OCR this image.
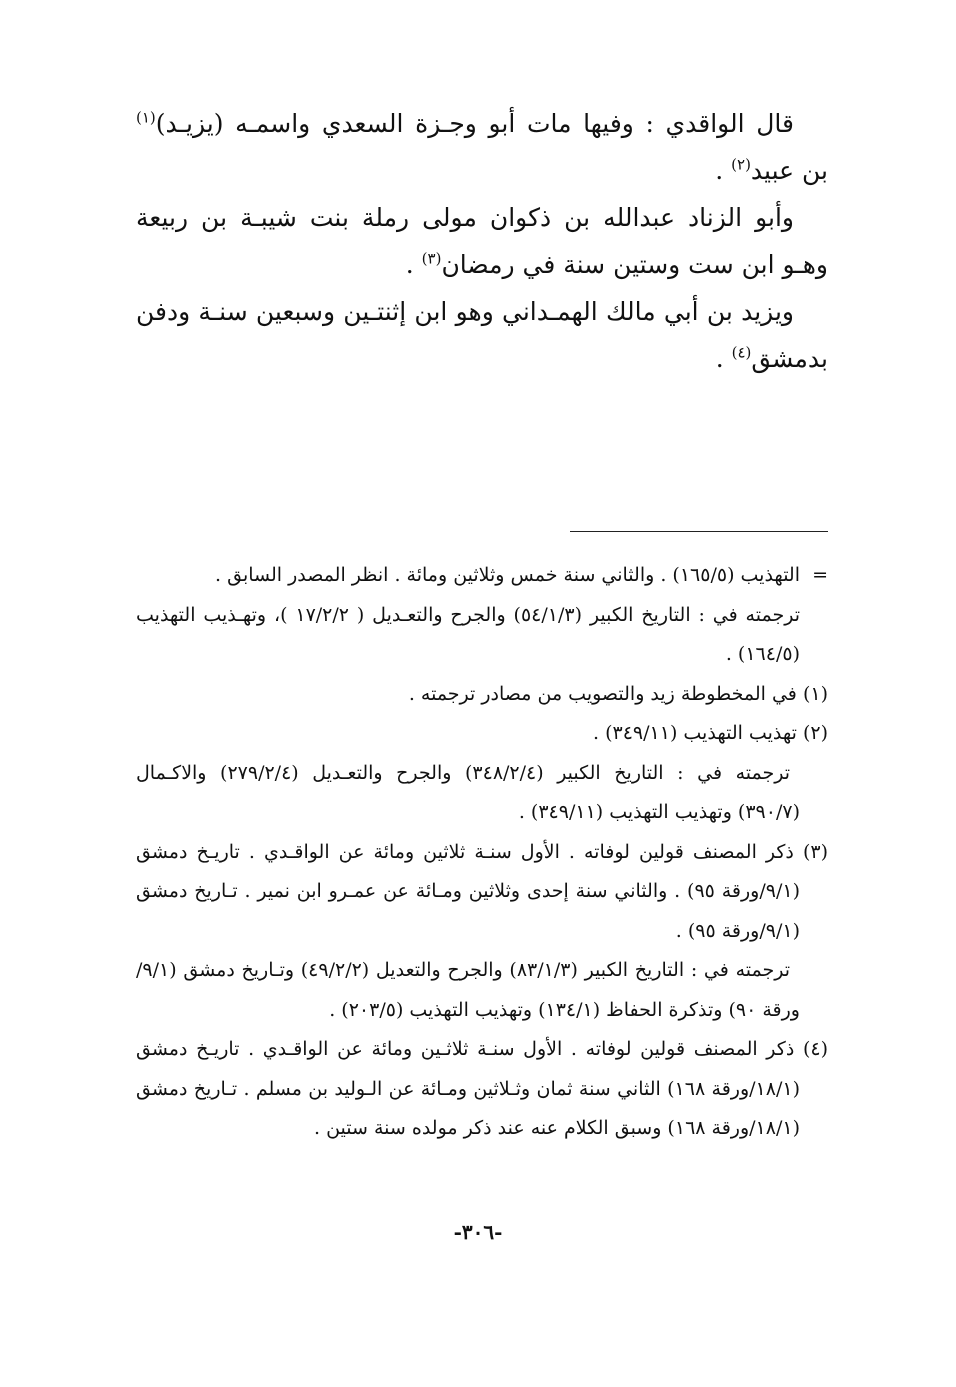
قال الواقدي : وفيها مات أبو وجـزة السعدي واسمـه (يزيـد)$^{(١)}$ بن عبيد$^{(٢)}$ .

وأبو الزناد عبدالله بن ذكوان مولى رملة بنت شيبـة بن ربيعة وهـو ابن ست وستين سنة في رمضان$^{(٣)}$ .

ويزيد بن أبي مالك الهمـداني وهو ابن إثنتـين وسبعين سنـة ودفن بدمشق$^{(٤)}$ .

=
التهذيب (١٦٥/٥) . والثاني سنة خمس وثلاثين ومائة . انظر المصدر السابق .

ترجمته في : التاريخ الكبير (٥٤/١/٣) والجرح والتعـديل ( ١٧/٢/٢ )، وتهـذيب التهذيب (١٦٤/٥) .

(١) في المخطوطة زيد والتصويب من مصادر ترجمته .

(٢) تهذيب التهذيب (٣٤٩/١١) .

ترجمته في : التاريخ الكبير (٣٤٨/٢/٤) والجرح والتعـديل (٢٧٩/٢/٤) والاكـمال (٣٩٠/٧) وتهذيب التهذيب (٣٤٩/١١) .

(٣) ذكر المصنف قولين لوفاته . الأول سنـة ثلاثين ومائة عن الواقـدي . تاريـخ دمشق (٩/١/ورقة ٩٥) . والثاني سنة إحدى وثلاثين ومـائة عن عمـرو ابن نمير . تـاريخ دمشق (٩/١/ورقة ٩٥) .

ترجمته في : التاريخ الكبير (٨٣/١/٣) والجرح والتعديل (٤٩/٢/٢) وتـاريخ دمشق (٩/١/ورقة ٩٠) وتذكرة الحفاظ (١٣٤/١) وتهذيب التهذيب (٢٠٣/٥) .

(٤) ذكر المصنف قولين لوفاته . الأول سنـة ثلاثـين ومائة عن الواقـدي . تاريـخ دمشق (١٨/١/ورقة ١٦٨) الثاني سنة ثمان وثـلاثين ومـائة عن الـوليد بن مسلم . تـاريخ دمشق (١٨/١/ورقة ١٦٨) وسبق الكلام عنه عند ذكر مولده سنة ستين .

-٣٠٦-
